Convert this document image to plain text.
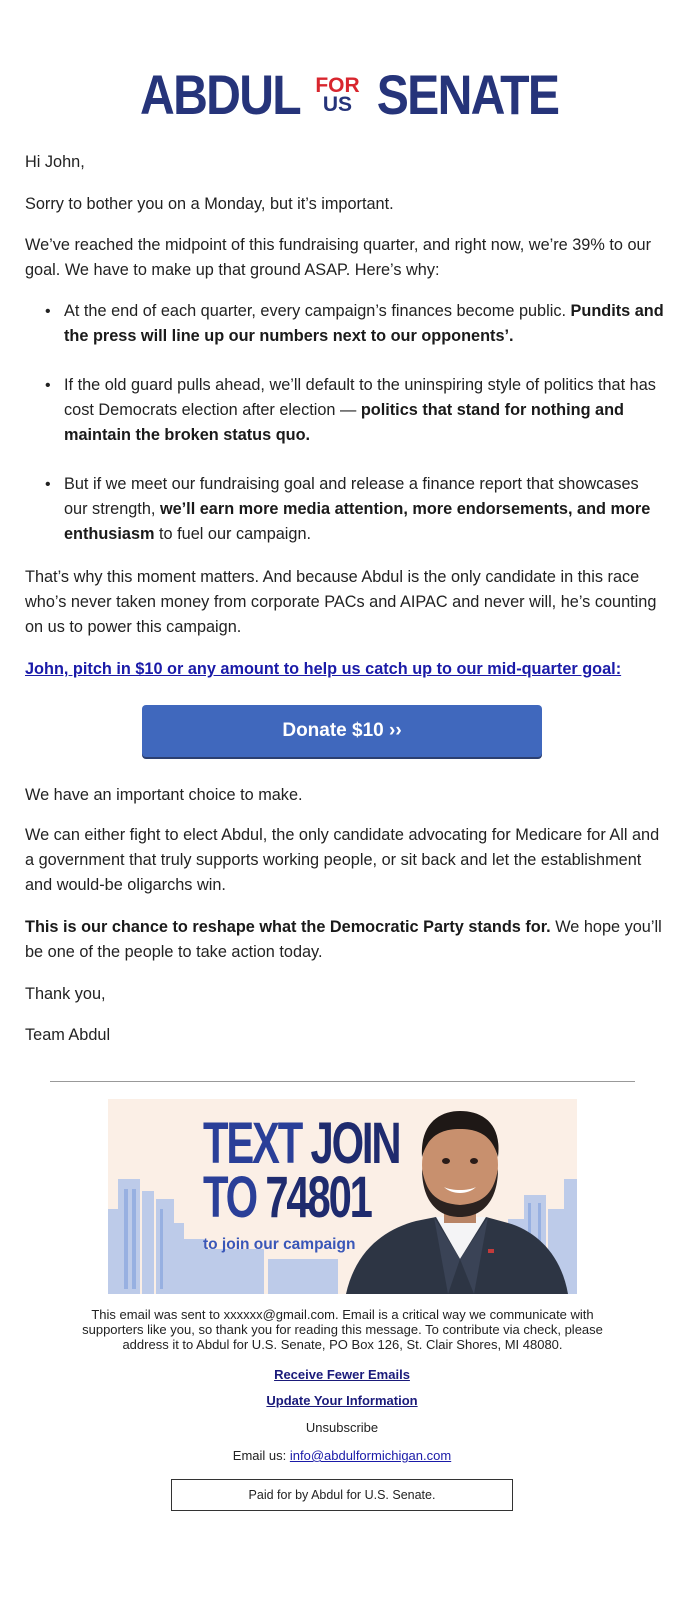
ABDUL FOR
US SENATE

Hi John,

Sorry to bother you on a Monday, but it’s important.

We’ve reached the midpoint of this fundraising quarter, and right now, we’re 39% to our goal. We have to make up that ground ASAP. Here’s why:

• At the end of each quarter, every campaign’s finances become public. Pundits and the press will line up our numbers next to our opponents’.
• If the old guard pulls ahead, we’ll default to the uninspiring style of politics that has cost Democrats election after election — politics that stand for nothing and maintain the broken status quo.
• But if we meet our fundraising goal and release a finance report that showcases our strength, we’ll earn more media attention, more endorsements, and more enthusiasm to fuel our campaign.

That’s why this moment matters. And because Abdul is the only candidate in this race who’s never taken money from corporate PACs and AIPAC and never will, he’s counting on us to power this campaign.

John, pitch in $10 or any amount to help us catch up to our mid-quarter goal:
Donate $10 ››

We have an important choice to make.

We can either fight to elect Abdul, the only candidate advocating for Medicare for All and a government that truly supports working people, or sit back and let the establishment and would-be oligarchs win.

This is our chance to reshape what the Democratic Party stands for. We hope you’ll be one of the people to take action today.

Thank you,

Team Abdul

TEXT JOIN
TO 74801
to join our campaign
This email was sent to xxxxxx@gmail.com. Email is a critical way we communicate with supporters like you, so thank you for reading this message. To contribute via check, please address it to Abdul for U.S. Senate, PO Box 126, St. Clair Shores, MI 48080.
Receive Fewer Emails
Update Your Information
Unsubscribe
Email us: info@abdulformichigan.com
Paid for by Abdul for U.S. Senate.
